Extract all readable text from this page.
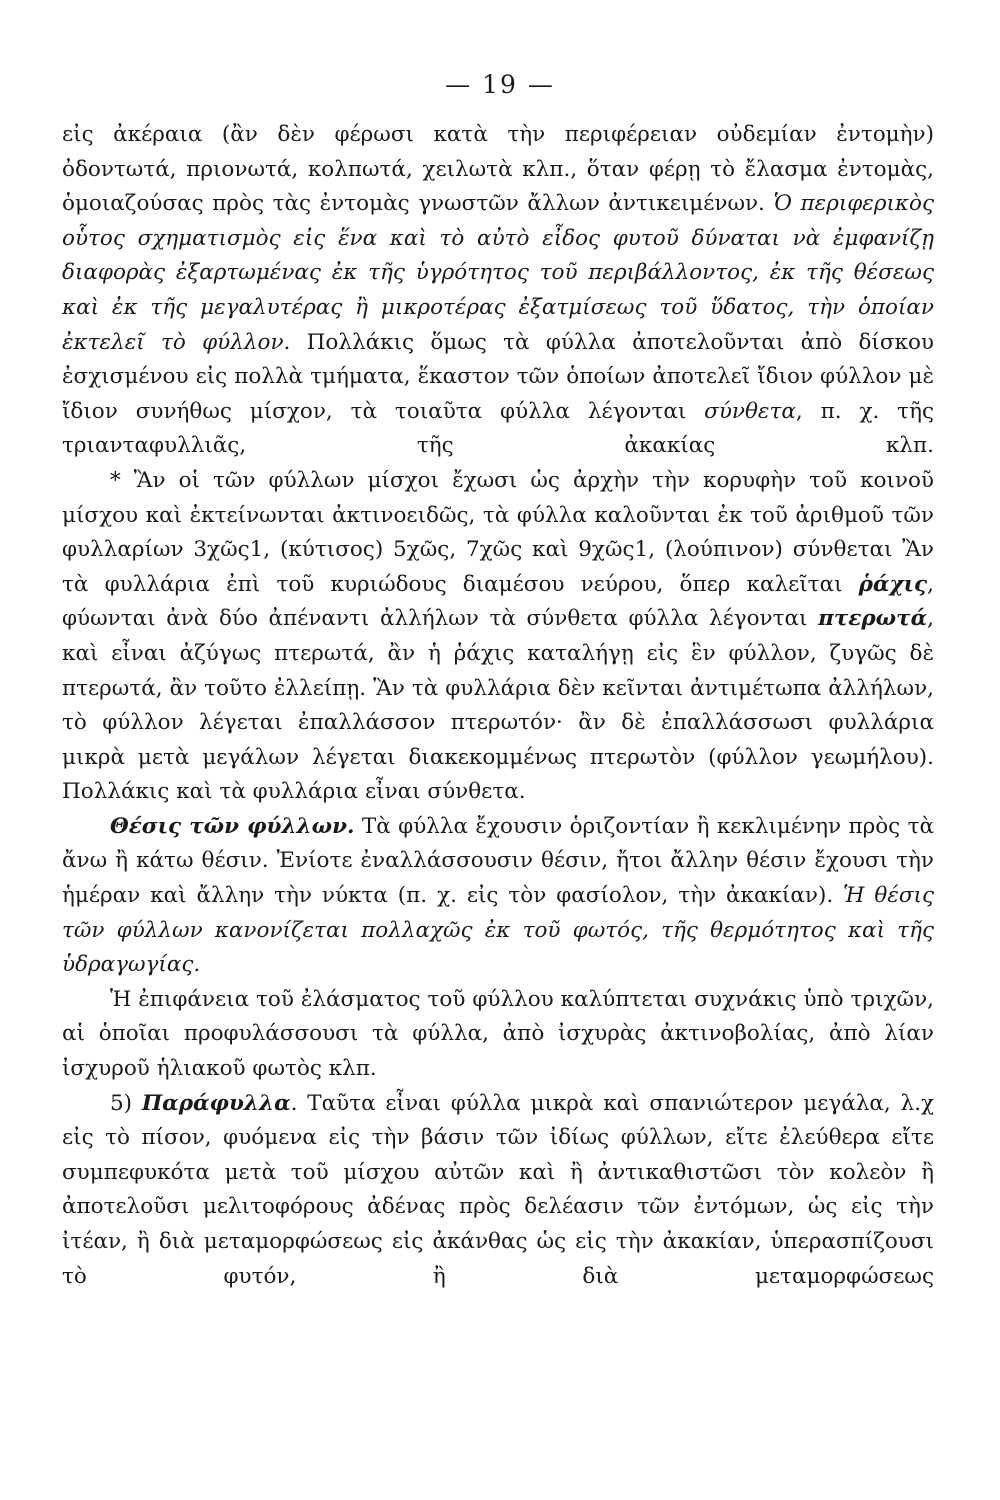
— 19 —

εἰς ἀκέραια (ἂν δὲν φέρωσι κατὰ τὴν περιφέρειαν οὐδεμίαν ἐντομὴν) ὀδοντωτά, πριονωτά, κολπωτά, χειλωτὰ κλπ., ὅταν φέρῃ τὸ ἔλασμα ἐντομὰς, ὁμοιαζούσας πρὸς τὰς ἐντομὰς γνωστῶν ἄλλων ἀντικειμένων. Ὁ περιφερικὸς οὗτος σχηματισμὸς εἰς ἕνα καὶ τὸ αὐτὸ εἶδος φυτοῦ δύναται νὰ ἐμφανίζῃ διαφορὰς ἐξαρτωμένας ἐκ τῆς ὑγρότητος τοῦ περιβάλλοντος, ἐκ τῆς θέσεως καὶ ἐκ τῆς μεγαλυτέρας ἢ μικροτέρας ἐξατμίσεως τοῦ ὕδατος, τὴν ὁποίαν ἐκτελεῖ τὸ φύλλον. Πολλάκις ὅμως τὰ φύλλα ἀποτελοῦνται ἀπὸ δίσκου ἐσχισμένου εἰς πολλὰ τμήματα, ἕκαστον τῶν ὁποίων ἀποτελεῖ ἴδιον φύλλον μὲ ἴδιον συνήθως μίσχον, τὰ τοιαῦτα φύλλα λέγονται σύνθετα, π. χ. τῆς τριανταφυλλιᾶς, τῆς ἀκακίας κλπ.

* Ἂν οἱ τῶν φύλλων μίσχοι ἔχωσι ὡς ἀρχὴν τὴν κορυφὴν τοῦ κοινοῦ μίσχου καὶ ἐκτείνωνται ἀκτινοειδῶς, τὰ φύλλα καλοῦνται ἐκ τοῦ ἀριθμοῦ τῶν φυλλαρίων 3χῶς1, (κύτισος) 5χῶς, 7χῶς καὶ 9χῶς1, (λούπινον) σύνθεται Ἂν τὰ φυλλάρια ἐπὶ τοῦ κυριώδους διαμέσου νεύρου, ὅπερ καλεῖται ῥάχις, φύωνται ἀνὰ δύο ἀπέναντι ἀλλήλων τὰ σύνθετα φύλλα λέγονται πτερωτά, καὶ εἶναι ἀζύγως πτερωτά, ἂν ἡ ῥάχις καταλήγῃ εἰς ἓν φύλλον, ζυγῶς δὲ πτερωτά, ἂν τοῦτο ἐλλείπῃ. Ἂν τὰ φυλλάρια δὲν κεῖνται ἀντιμέτωπα ἀλλήλων, τὸ φύλλον λέγεται ἐπαλλάσσον πτερωτόν· ἂν δὲ ἐπαλλάσσωσι φυλλάρια μικρὰ μετὰ μεγάλων λέγεται διακεκομμένως πτερωτὸν (φύλλον γεωμήλου). Πολλάκις καὶ τὰ φυλλάρια εἶναι σύνθετα.

Θέσις τῶν φύλλων. Τὰ φύλλα ἔχουσιν ὁριζοντίαν ἢ κεκλιμένην πρὸς τὰ ἄνω ἢ κάτω θέσιν. Ἐνίοτε ἐναλλάσσουσιν θέσιν, ἤτοι ἄλλην θέσιν ἔχουσι τὴν ἡμέραν καὶ ἄλλην τὴν νύκτα (π. χ. εἰς τὸν φασίολον, τὴν ἀκακίαν). Ἡ θέσις τῶν φύλλων κανονίζεται πολλαχῶς ἐκ τοῦ φωτός, τῆς θερμότητος καὶ τῆς ὑδραγωγίας.

Ἡ ἐπιφάνεια τοῦ ἐλάσματος τοῦ φύλλου καλύπτεται συχνάκις ὑπὸ τριχῶν, αἱ ὁποῖαι προφυλάσσουσι τὰ φύλλα, ἀπὸ ἰσχυρὰς ἀκτινοβολίας, ἀπὸ λίαν ἰσχυροῦ ἡλιακοῦ φωτὸς κλπ.

5) Παράφυλλα. Ταῦτα εἶναι φύλλα μικρὰ καὶ σπανιώτερον μεγάλα, λ.χ εἰς τὸ πίσον, φυόμενα εἰς τὴν βάσιν τῶν ἰδίως φύλλων, εἴτε ἐλεύθερα εἴτε συμπεφυκότα μετὰ τοῦ μίσχου αὐτῶν καὶ ἢ ἀντικαθιστῶσι τὸν κολεὸν ἢ ἀποτελοῦσι μελιτοφόρους ἀδένας πρὸς δελέασιν τῶν ἐντόμων, ὡς εἰς τὴν ἰτέαν, ἢ διὰ μεταμορφώσεως εἰς ἀκάνθας ὡς εἰς τὴν ἀκακίαν, ὑπερασπίζουσι τὸ φυτόν, ἢ διὰ μεταμορφώσεως
